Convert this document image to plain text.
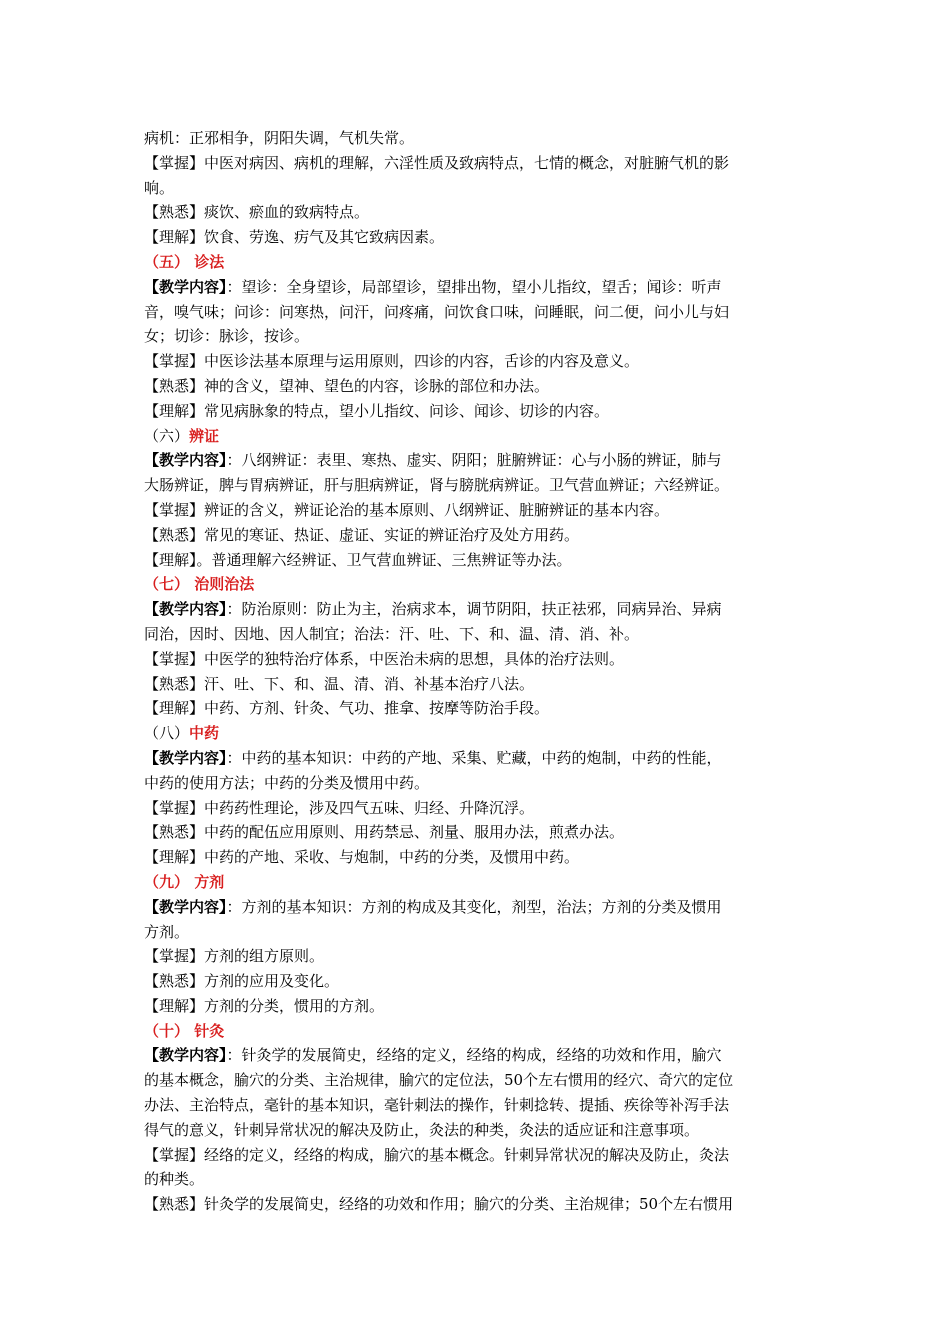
病机：正邪相争，阴阳失调，气机失常。
【掌握】中医对病因、病机的理解，六淫性质及致病特点，七情的概念，对脏腑气机的影
响。
【熟悉】痰饮、瘀血的致病特点。
【理解】饮食、劳逸、疠气及其它致病因素。
（五） 诊法
【教学内容】：望诊：全身望诊，局部望诊，望排出物，望小儿指纹，望舌；闻诊：听声
音，嗅气味；问诊：问寒热，问汗，问疼痛，问饮食口味，问睡眠，问二便，问小儿与妇
女；切诊：脉诊，按诊。
【掌握】中医诊法基本原理与运用原则，四诊的内容，舌诊的内容及意义。
【熟悉】神的含义，望神、望色的内容，诊脉的部位和办法。
【理解】常见病脉象的特点，望小儿指纹、问诊、闻诊、切诊的内容。
（六）辨证
【教学内容】：八纲辨证：表里、寒热、虚实、阴阳；脏腑辨证：心与小肠的辨证，肺与
大肠辨证，脾与胃病辨证，肝与胆病辨证，肾与膀胱病辨证。卫气营血辨证；六经辨证。
【掌握】辨证的含义，辨证论治的基本原则、八纲辨证、脏腑辨证的基本内容。
【熟悉】常见的寒证、热证、虚证、实证的辨证治疗及处方用药。
【理解】。普通理解六经辨证、卫气营血辨证、三焦辨证等办法。
（七） 治则治法
【教学内容】：防治原则：防止为主，治病求本，调节阴阳，扶正祛邪，同病异治、异病
同治，因时、因地、因人制宜；治法：汗、吐、下、和、温、清、消、补。
【掌握】中医学的独特治疗体系，中医治未病的思想，具体的治疗法则。
【熟悉】汗、吐、下、和、温、清、消、补基本治疗八法。
【理解】中药、方剂、针灸、气功、推拿、按摩等防治手段。
（八）中药
【教学内容】：中药的基本知识：中药的产地、采集、贮藏，中药的炮制，中药的性能，
中药的使用方法；中药的分类及惯用中药。
【掌握】中药药性理论，涉及四气五味、归经、升降沉浮。
【熟悉】中药的配伍应用原则、用药禁忌、剂量、服用办法，煎煮办法。
【理解】中药的产地、采收、与炮制，中药的分类，及惯用中药。
（九） 方剂
【教学内容】：方剂的基本知识：方剂的构成及其变化，剂型，治法；方剂的分类及惯用
方剂。
【掌握】方剂的组方原则。
【熟悉】方剂的应用及变化。
【理解】方剂的分类，惯用的方剂。
（十） 针灸
【教学内容】：针灸学的发展简史，经络的定义，经络的构成，经络的功效和作用，腧穴
的基本概念，腧穴的分类、主治规律，腧穴的定位法，50个左右惯用的经穴、奇穴的定位
办法、主治特点，毫针的基本知识，毫针刺法的操作，针刺捻转、提插、疾徐等补泻手法
得气的意义，针刺异常状况的解决及防止，灸法的种类，灸法的适应证和注意事项。
【掌握】经络的定义，经络的构成，腧穴的基本概念。针刺异常状况的解决及防止，灸法
的种类。
【熟悉】针灸学的发展简史，经络的功效和作用；腧穴的分类、主治规律；50个左右惯用
